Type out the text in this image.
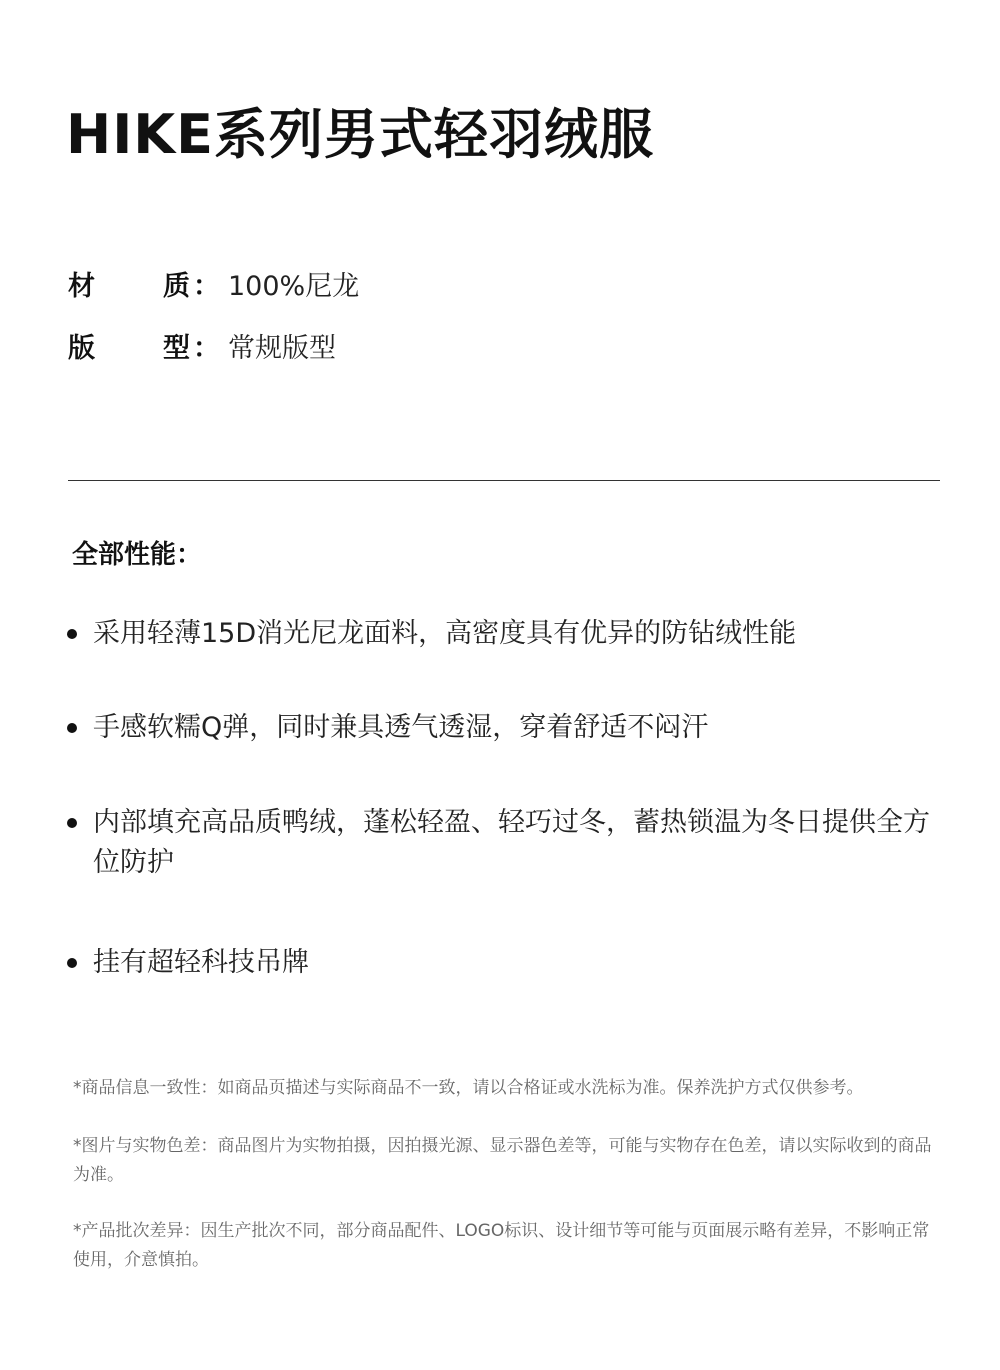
HIKE系列男式轻羽绒服
材	质 ： 100%尼龙
版	型 ： 常规版型
全部性能：
采用轻薄15D消光尼龙面料，高密度具有优异的防钻绒性能
手感软糯Q弹，同时兼具透气透湿，穿着舒适不闷汗
内部填充高品质鸭绒，蓬松轻盈、轻巧过冬，蓄热锁温为冬日提供全方位防护
挂有超轻科技吊牌
*商品信息一致性：如商品页描述与实际商品不一致，请以合格证或水洗标为准。保养洗护方式仅供参考。
*图片与实物色差：商品图片为实物拍摄，因拍摄光源、显示器色差等，可能与实物存在色差，请以实际收到的商品为准。
*产品批次差异：因生产批次不同，部分商品配件、LOGO标识、设计细节等可能与页面展示略有差异，不影响正常使用，介意慎拍。
